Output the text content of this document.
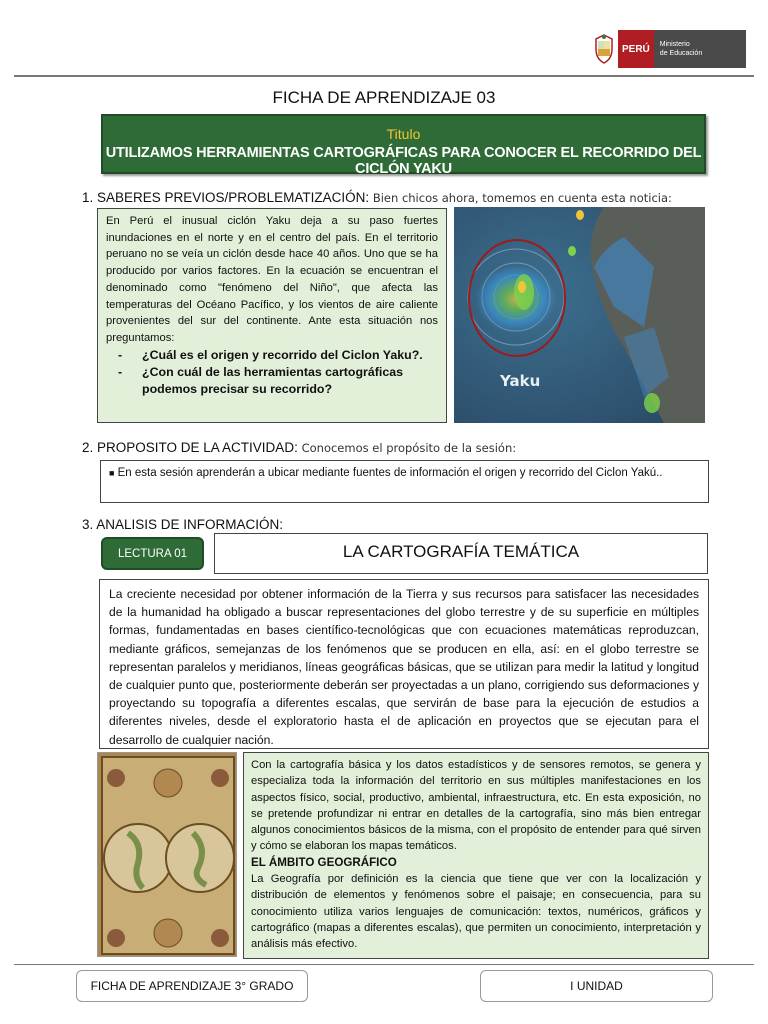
PERÚ	Ministerio
de Educación
FICHA DE APRENDIZAJE 03
Titulo
UTILIZAMOS HERRAMIENTAS CARTOGRÁFICAS PARA CONOCER EL RECORRIDO DEL CICLÓN YAKU
1. SABERES PREVIOS/PROBLEMATIZACIÓN: Bien chicos ahora, tomemos en cuenta esta noticia:

En Perú el inusual ciclón Yaku deja a su paso fuertes inundaciones en el norte y en el centro del país. En el territorio peruano no se veía un ciclón desde hace 40 años. Uno que se ha producido por varios factores. En la ecuación se encuentran el denominado como "fenómeno del Niño", que afecta las temperaturas del Océano Pacífico, y los vientos de aire caliente provenientes del sur del continente. Ante esta situación nos preguntamos:

- ¿Cuál es el origen y recorrido del Ciclon Yaku?.
- ¿Con cuál de las herramientas cartográficas podemos precisar su recorrido?	Yaku
2. PROPOSITO DE LA ACTIVIDAD: Conocemos el propósito de la sesión:
■ En esta sesión aprenderán a ubicar mediante fuentes de información el origen y recorrido del Ciclon Yakú..
3. ANALISIS DE INFORMACIÓN:
LECTURA 01	LA CARTOGRAFÍA TEMÁTICA

La creciente necesidad por obtener información de la Tierra y sus recursos para satisfacer las necesidades de la humanidad ha obligado a buscar representaciones del globo terrestre y de su superficie en múltiples formas, fundamentadas en bases científico-tecnológicas que con ecuaciones matemáticas reproduzcan, mediante gráficos, semejanzas de los fenómenos que se producen en ella, así: en el globo terrestre se representan paralelos y meridianos, líneas geográficas básicas, que se utilizan para medir la latitud y longitud de cualquier punto que, posteriormente deberán ser proyectadas a un plano, corrigiendo sus deformaciones y proyectando su topografía a diferentes escalas, que servirán de base para la ejecución de estudios a diferentes niveles, desde el exploratorio hasta el de aplicación en proyectos que se ejecutan para el desarrollo de cualquier nación.

Con la cartografía básica y los datos estadísticos y de sensores remotos, se genera y especializa toda la información del territorio en sus múltiples manifestaciones en los aspectos físico, social, productivo, ambiental, infraestructura, etc. En esta exposición, no se pretende profundizar ni entrar en detalles de la cartografía, sino más bien entregar algunos conocimientos básicos de la misma, con el propósito de entender para qué sirven y cómo se elaboran los mapas temáticos.

EL ÁMBITO GEOGRÁFICO

La Geografía por definición es la ciencia que tiene que ver con la localización y distribución de elementos y fenómenos sobre el paisaje; en consecuencia, para su conocimiento utiliza varios lenguajes de comunicación: textos, numéricos, gráficos y cartográfico (mapas a diferentes escalas), que permiten un conocimiento, interpretación y análisis más efectivo.

FICHA DE APRENDIZAJE 3° GRADO	I UNIDAD
